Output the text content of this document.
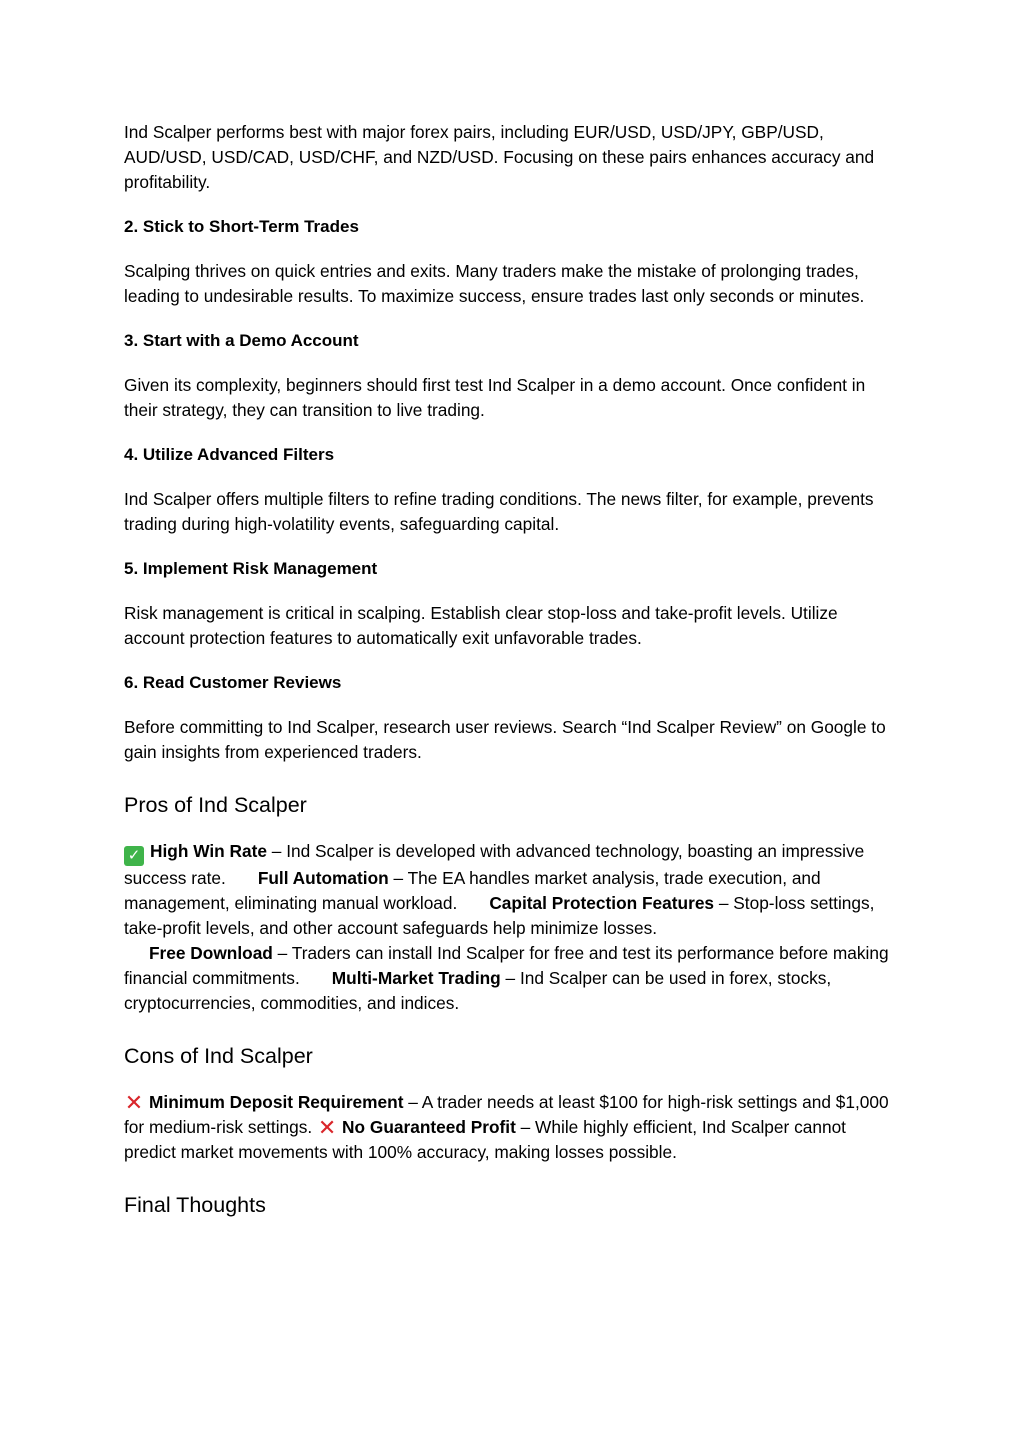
Ind Scalper performs best with major forex pairs, including EUR/USD, USD/JPY, GBP/USD, AUD/USD, USD/CAD, USD/CHF, and NZD/USD. Focusing on these pairs enhances accuracy and profitability.

2. Stick to Short-Term Trades

Scalping thrives on quick entries and exits. Many traders make the mistake of prolonging trades, leading to undesirable results. To maximize success, ensure trades last only seconds or minutes.

3. Start with a Demo Account

Given its complexity, beginners should first test Ind Scalper in a demo account. Once confident in their strategy, they can transition to live trading.

4. Utilize Advanced Filters

Ind Scalper offers multiple filters to refine trading conditions. The news filter, for example, prevents trading during high-volatility events, safeguarding capital.

5. Implement Risk Management

Risk management is critical in scalping. Establish clear stop-loss and take-profit levels. Utilize account protection features to automatically exit unfavorable trades.

6. Read Customer Reviews

Before committing to Ind Scalper, research user reviews. Search “Ind Scalper Review” on Google to gain insights from experienced traders.

Pros of Ind Scalper

✓ High Win Rate – Ind Scalper is developed with advanced technology, boasting an impressive success rate. Full Automation – The EA handles market analysis, trade execution, and management, eliminating manual workload. Capital Protection Features – Stop-loss settings, take-profit levels, and other account safeguards help minimize losses.
Free Download – Traders can install Ind Scalper for free and test its performance before making financial commitments. Multi-Market Trading – Ind Scalper can be used in forex, stocks, cryptocurrencies, commodities, and indices.

Cons of Ind Scalper

✕ Minimum Deposit Requirement – A trader needs at least $100 for high-risk settings and $1,000 for medium-risk settings. ✕ No Guaranteed Profit – While highly efficient, Ind Scalper cannot predict market movements with 100% accuracy, making losses possible.

Final Thoughts
